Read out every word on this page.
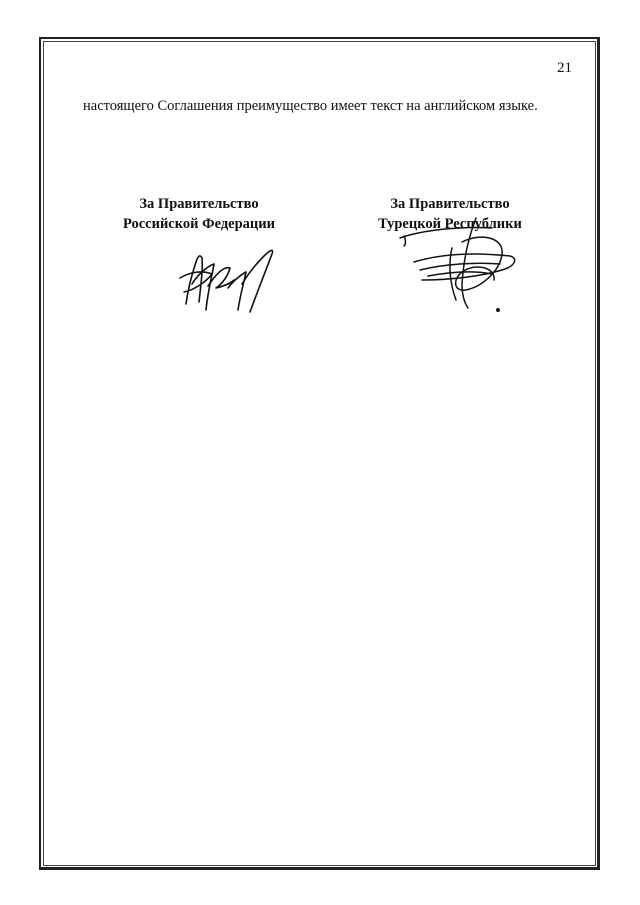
21
настоящего Соглашения преимущество имеет текст на английском языке.
За Правительство
Российской Федерации
За Правительство
Турецкой Республики
